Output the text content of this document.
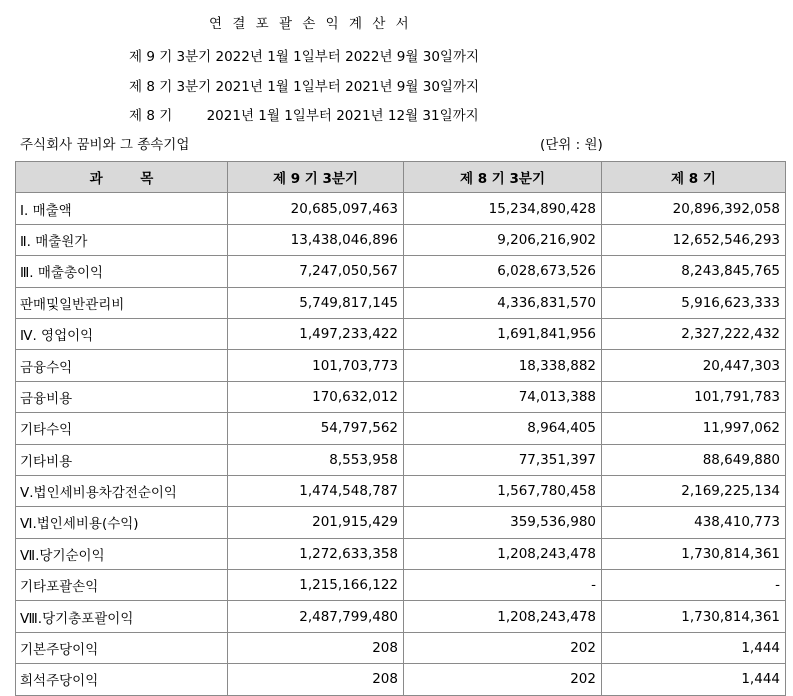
연 결 포 괄 손 익 계 산 서
제 9 기 3분기 2022년 1월 1일부터 2022년 9월 30일까지
제 8 기 3분기 2021년 1월 1일부터 2021년 9월 30일까지
제 8 기        2021년 1월 1일부터 2021년 12월 31일까지
주식회사 꿈비와 그 종속기업	(단위 : 원)
과        목	제 9 기 3분기	제 8 기 3분기	제 8 기
Ⅰ. 매출액	20,685,097,463	15,234,890,428	20,896,392,058
Ⅱ. 매출원가	13,438,046,896	9,206,216,902	12,652,546,293
Ⅲ. 매출총이익	7,247,050,567	6,028,673,526	8,243,845,765
판매및일반관리비	5,749,817,145	4,336,831,570	5,916,623,333
Ⅳ. 영업이익	1,497,233,422	1,691,841,956	2,327,222,432
금융수익	101,703,773	18,338,882	20,447,303
금융비용	170,632,012	74,013,388	101,791,783
기타수익	54,797,562	8,964,405	11,997,062
기타비용	8,553,958	77,351,397	88,649,880
Ⅴ.법인세비용차감전순이익	1,474,548,787	1,567,780,458	2,169,225,134
Ⅵ.법인세비용(수익)	201,915,429	359,536,980	438,410,773
Ⅶ.당기순이익	1,272,633,358	1,208,243,478	1,730,814,361
기타포괄손익	1,215,166,122	-	-
Ⅷ.당기총포괄이익	2,487,799,480	1,208,243,478	1,730,814,361
기본주당이익	208	202	1,444
희석주당이익	208	202	1,444
